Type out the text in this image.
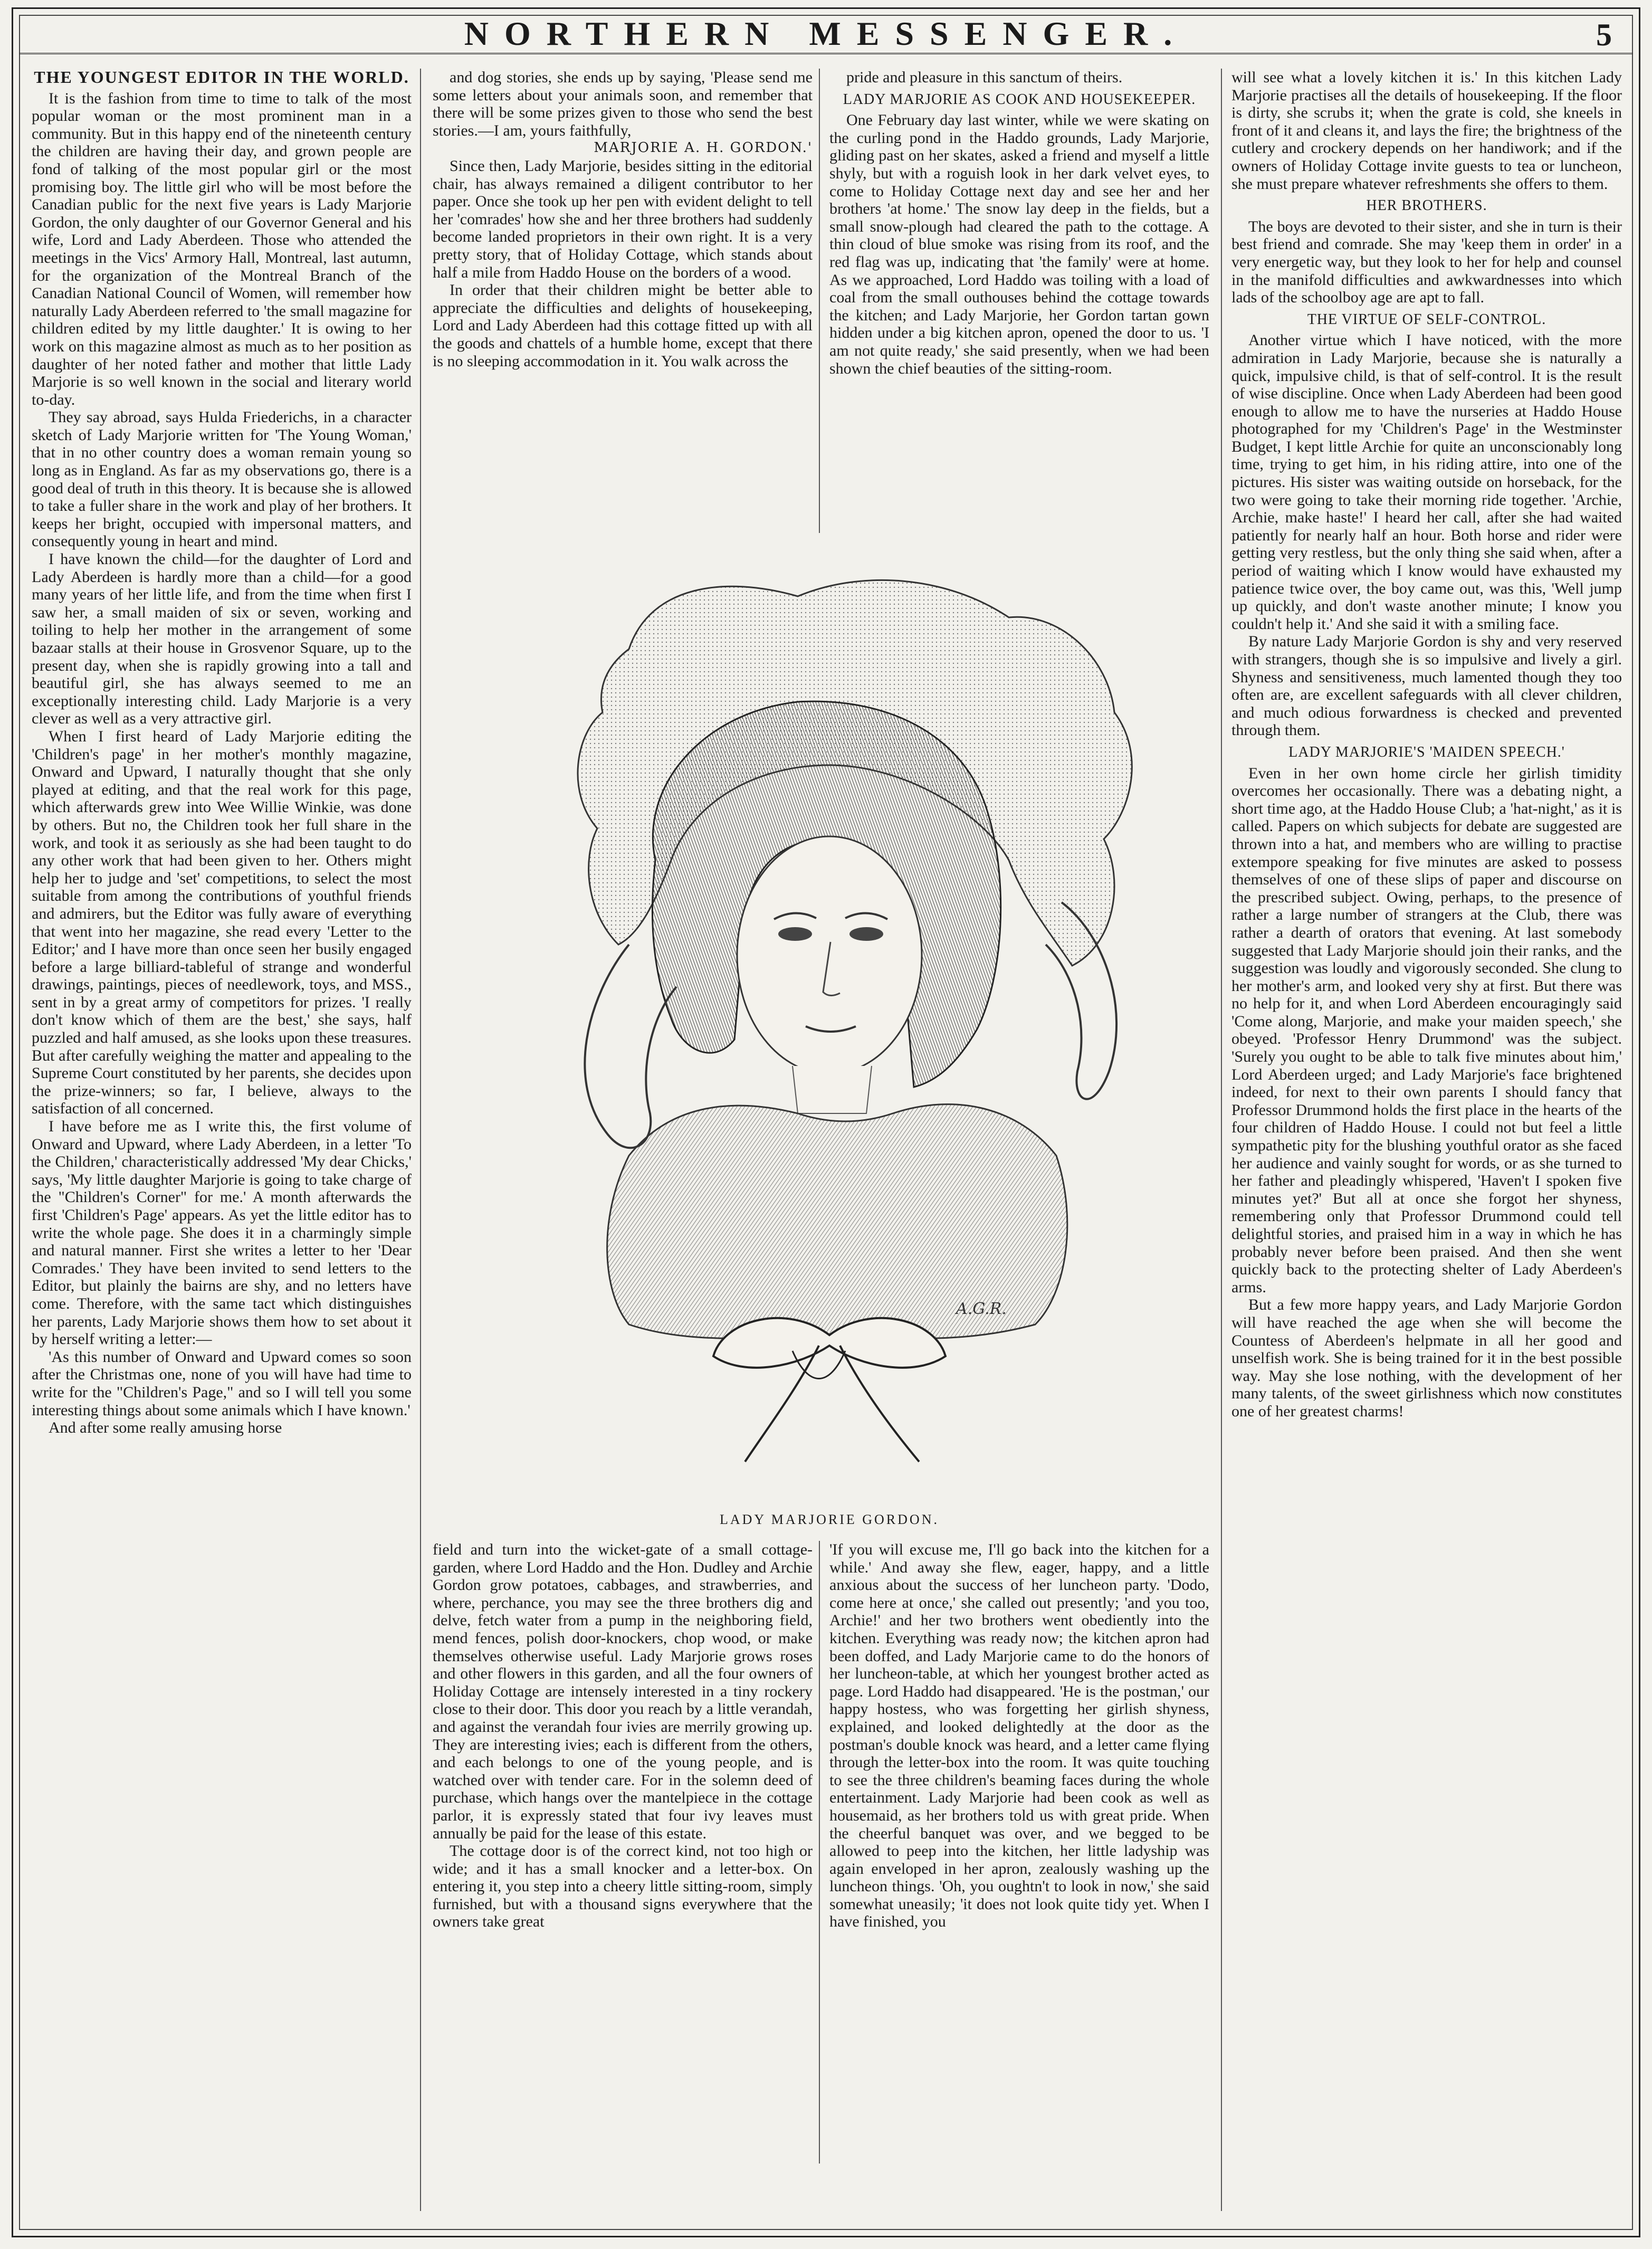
NORTHERN MESSENGER.	5
THE YOUNGEST EDITOR IN THE WORLD.

It is the fashion from time to time to talk of the most popular woman or the most prominent man in a community. But in this happy end of the nineteenth century the children are having their day, and grown people are fond of talking of the most popular girl or the most promising boy. The little girl who will be most before the Canadian public for the next five years is Lady Marjorie Gordon, the only daughter of our Governor General and his wife, Lord and Lady Aberdeen. Those who attended the meetings in the Vics' Armory Hall, Montreal, last autumn, for the organization of the Montreal Branch of the Canadian National Council of Women, will remember how naturally Lady Aberdeen referred to 'the small magazine for children edited by my little daughter.' It is owing to her work on this magazine almost as much as to her position as daughter of her noted father and mother that little Lady Marjorie is so well known in the social and literary world to-day.

They say abroad, says Hulda Friederichs, in a character sketch of Lady Marjorie written for 'The Young Woman,' that in no other country does a woman remain young so long as in England. As far as my observations go, there is a good deal of truth in this theory. It is because she is allowed to take a fuller share in the work and play of her brothers. It keeps her bright, occupied with impersonal matters, and consequently young in heart and mind.

I have known the child—for the daughter of Lord and Lady Aberdeen is hardly more than a child—for a good many years of her little life, and from the time when first I saw her, a small maiden of six or seven, working and toiling to help her mother in the arrangement of some bazaar stalls at their house in Grosvenor Square, up to the present day, when she is rapidly growing into a tall and beautiful girl, she has always seemed to me an exceptionally interesting child. Lady Marjorie is a very clever as well as a very attractive girl.

When I first heard of Lady Marjorie editing the 'Children's page' in her mother's monthly magazine, Onward and Upward, I naturally thought that she only played at editing, and that the real work for this page, which afterwards grew into Wee Willie Winkie, was done by others. But no, the Children took her full share in the work, and took it as seriously as she had been taught to do any other work that had been given to her. Others might help her to judge and 'set' competitions, to select the most suitable from among the contributions of youthful friends and admirers, but the Editor was fully aware of everything that went into her magazine, she read every 'Letter to the Editor;' and I have more than once seen her busily engaged before a large billiard-tableful of strange and wonderful drawings, paintings, pieces of needlework, toys, and MSS., sent in by a great army of competitors for prizes. 'I really don't know which of them are the best,' she says, half puzzled and half amused, as she looks upon these treasures. But after carefully weighing the matter and appealing to the Supreme Court constituted by her parents, she decides upon the prize-winners; so far, I believe, always to the satisfaction of all concerned.

I have before me as I write this, the first volume of Onward and Upward, where Lady Aberdeen, in a letter 'To the Children,' characteristically addressed 'My dear Chicks,' says, 'My little daughter Marjorie is going to take charge of the "Children's Corner" for me.' A month afterwards the first 'Children's Page' appears. As yet the little editor has to write the whole page. She does it in a charmingly simple and natural manner. First she writes a letter to her 'Dear Comrades.' They have been invited to send letters to the Editor, but plainly the bairns are shy, and no letters have come. Therefore, with the same tact which distinguishes her parents, Lady Marjorie shows them how to set about it by herself writing a letter:—

'As this number of Onward and Upward comes so soon after the Christmas one, none of you will have had time to write for the "Children's Page," and so I will tell you some interesting things about some animals which I have known.'

And after some really amusing horse

and dog stories, she ends up by saying, 'Please send me some letters about your animals soon, and remember that there will be some prizes given to those who send the best stories.—I am, yours faithfully,

MARJORIE A. H. GORDON.'

Since then, Lady Marjorie, besides sitting in the editorial chair, has always remained a diligent contributor to her paper. Once she took up her pen with evident delight to tell her 'comrades' how she and her three brothers had suddenly become landed proprietors in their own right. It is a very pretty story, that of Holiday Cottage, which stands about half a mile from Haddo House on the borders of a wood.

In order that their children might be better able to appreciate the difficulties and delights of housekeeping, Lord and Lady Aberdeen had this cottage fitted up with all the goods and chattels of a humble home, except that there is no sleeping accommodation in it. You walk across the

pride and pleasure in this sanctum of theirs.

LADY MARJORIE AS COOK AND HOUSEKEEPER.

One February day last winter, while we were skating on the curling pond in the Haddo grounds, Lady Marjorie, gliding past on her skates, asked a friend and myself a little shyly, but with a roguish look in her dark velvet eyes, to come to Holiday Cottage next day and see her and her brothers 'at home.' The snow lay deep in the fields, but a small snow-plough had cleared the path to the cottage. A thin cloud of blue smoke was rising from its roof, and the red flag was up, indicating that 'the family' were at home. As we approached, Lord Haddo was toiling with a load of coal from the small outhouses behind the cottage towards the kitchen; and Lady Marjorie, her Gordon tartan gown hidden under a big kitchen apron, opened the door to us. 'I am not quite ready,' she said presently, when we had been shown the chief beauties of the sitting-room.

A.G.R.
LADY MARJORIE GORDON.

field and turn into the wicket-gate of a small cottage-garden, where Lord Haddo and the Hon. Dudley and Archie Gordon grow potatoes, cabbages, and strawberries, and where, perchance, you may see the three brothers dig and delve, fetch water from a pump in the neighboring field, mend fences, polish door-knockers, chop wood, or make themselves otherwise useful. Lady Marjorie grows roses and other flowers in this garden, and all the four owners of Holiday Cottage are intensely interested in a tiny rockery close to their door. This door you reach by a little verandah, and against the verandah four ivies are merrily growing up. They are interesting ivies; each is different from the others, and each belongs to one of the young people, and is watched over with tender care. For in the solemn deed of purchase, which hangs over the mantelpiece in the cottage parlor, it is expressly stated that four ivy leaves must annually be paid for the lease of this estate.

The cottage door is of the correct kind, not too high or wide; and it has a small knocker and a letter-box. On entering it, you step into a cheery little sitting-room, simply furnished, but with a thousand signs everywhere that the owners take great

'If you will excuse me, I'll go back into the kitchen for a while.' And away she flew, eager, happy, and a little anxious about the success of her luncheon party. 'Dodo, come here at once,' she called out presently; 'and you too, Archie!' and her two brothers went obediently into the kitchen. Everything was ready now; the kitchen apron had been doffed, and Lady Marjorie came to do the honors of her luncheon-table, at which her youngest brother acted as page. Lord Haddo had disappeared. 'He is the postman,' our happy hostess, who was forgetting her girlish shyness, explained, and looked delightedly at the door as the postman's double knock was heard, and a letter came flying through the letter-box into the room. It was quite touching to see the three children's beaming faces during the whole entertainment. Lady Marjorie had been cook as well as housemaid, as her brothers told us with great pride. When the cheerful banquet was over, and we begged to be allowed to peep into the kitchen, her little ladyship was again enveloped in her apron, zealously washing up the luncheon things. 'Oh, you oughtn't to look in now,' she said somewhat uneasily; 'it does not look quite tidy yet. When I have finished, you

will see what a lovely kitchen it is.' In this kitchen Lady Marjorie practises all the details of housekeeping. If the floor is dirty, she scrubs it; when the grate is cold, she kneels in front of it and cleans it, and lays the fire; the brightness of the cutlery and crockery depends on her handiwork; and if the owners of Holiday Cottage invite guests to tea or luncheon, she must prepare whatever refreshments she offers to them.

HER BROTHERS.

The boys are devoted to their sister, and she in turn is their best friend and comrade. She may 'keep them in order' in a very energetic way, but they look to her for help and counsel in the manifold difficulties and awkwardnesses into which lads of the schoolboy age are apt to fall.

THE VIRTUE OF SELF-CONTROL.

Another virtue which I have noticed, with the more admiration in Lady Marjorie, because she is naturally a quick, impulsive child, is that of self-control. It is the result of wise discipline. Once when Lady Aberdeen had been good enough to allow me to have the nurseries at Haddo House photographed for my 'Children's Page' in the Westminster Budget, I kept little Archie for quite an unconscionably long time, trying to get him, in his riding attire, into one of the pictures. His sister was waiting outside on horseback, for the two were going to take their morning ride together. 'Archie, Archie, make haste!' I heard her call, after she had waited patiently for nearly half an hour. Both horse and rider were getting very restless, but the only thing she said when, after a period of waiting which I know would have exhausted my patience twice over, the boy came out, was this, 'Well jump up quickly, and don't waste another minute; I know you couldn't help it.' And she said it with a smiling face.

By nature Lady Marjorie Gordon is shy and very reserved with strangers, though she is so impulsive and lively a girl. Shyness and sensitiveness, much lamented though they too often are, are excellent safeguards with all clever children, and much odious forwardness is checked and prevented through them.

LADY MARJORIE'S 'MAIDEN SPEECH.'

Even in her own home circle her girlish timidity overcomes her occasionally. There was a debating night, a short time ago, at the Haddo House Club; a 'hat-night,' as it is called. Papers on which subjects for debate are suggested are thrown into a hat, and members who are willing to practise extempore speaking for five minutes are asked to possess themselves of one of these slips of paper and discourse on the prescribed subject. Owing, perhaps, to the presence of rather a large number of strangers at the Club, there was rather a dearth of orators that evening. At last somebody suggested that Lady Marjorie should join their ranks, and the suggestion was loudly and vigorously seconded. She clung to her mother's arm, and looked very shy at first. But there was no help for it, and when Lord Aberdeen encouragingly said 'Come along, Marjorie, and make your maiden speech,' she obeyed. 'Professor Henry Drummond' was the subject. 'Surely you ought to be able to talk five minutes about him,' Lord Aberdeen urged; and Lady Marjorie's face brightened indeed, for next to their own parents I should fancy that Professor Drummond holds the first place in the hearts of the four children of Haddo House. I could not but feel a little sympathetic pity for the blushing youthful orator as she faced her audience and vainly sought for words, or as she turned to her father and pleadingly whispered, 'Haven't I spoken five minutes yet?' But all at once she forgot her shyness, remembering only that Professor Drummond could tell delightful stories, and praised him in a way in which he has probably never before been praised. And then she went quickly back to the protecting shelter of Lady Aberdeen's arms.

But a few more happy years, and Lady Marjorie Gordon will have reached the age when she will become the Countess of Aberdeen's helpmate in all her good and unselfish work. She is being trained for it in the best possible way. May she lose nothing, with the development of her many talents, of the sweet girlishness which now constitutes one of her greatest charms!
